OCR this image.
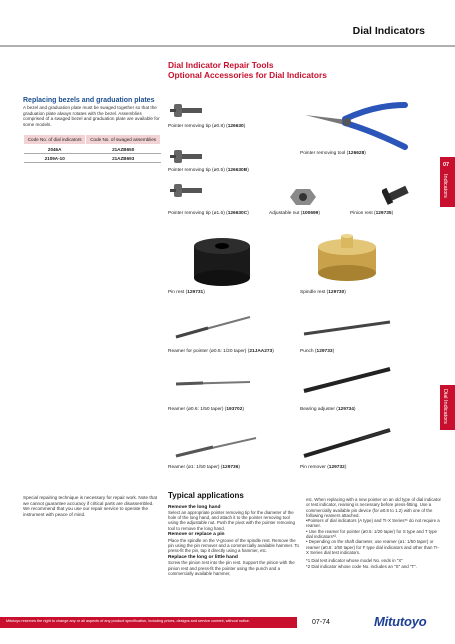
Dial Indicators
Dial Indicator Repair Tools
Optional Accessories for Dial Indicators
07
Indicators
Dial Indicators
Replacing bezels and graduation plates
A bezel and graduation plate must be swaged together so that the graduation plate always rotates with the bezel. Assemblies comprised of a swaged bezel and graduation plate are available for some models.
Code No. of dial indicators	Code No. of swaged assemblies
2046A	21AZB650
2109A-10	21AZB693
Pointer removing tip (ø0.8) (126630)
Pointer removing tool (126628)
Pointer removing tip (ø0.5) (126630B)
Pointer removing tip (ø1.6) (126630C)	Adjustable nut (100699)	Pinion rest (129735)
Pin rest (129731)	Spindle rest (129730)
Reamer for pointer (ø0.5: 1/20 taper) (21JAA273)	Punch (129733)
Reamer (ø0.6: 1/50 taper) (193702)	Bearing adjuster (129734)
Reamer (ø1: 1/50 taper) (129736)	Pin remover (129732)
Special repairing technique is necessary for repair work. Note that we cannot guarantee accuracy if critical parts are disassembled.
We recommend that you use our repair service to operate the instrument with peace of mind.
Typical applications
Remove the long hand
Select an appropriate pointer removing tip for the diameter of the hole of the long hand, and attach it to the pointer removing tool using the adjustable nut. Push the pivot with the pointer removing tool to remove the long hand.
Remove or replace a pin
Place the spindle on the V-groove of the spindle rest. Remove the pin using the pin remover and a commercially available hammer. To press-fit the pin, tap it directly using a hammer, etc.
Replace the long or little hand
Screw the pinion rest into the pin rest. Support the pinion with the pinion rest and press-fit the pointer using the punch and a commercially available hammer,
etc. When replacing with a new pointer on an old type of dial indicator or test indicator, reaming is necessary before press-fitting. Use a commercially available pin device (for ø0.8 to 1.2) with one of the following reamers attached.
•Pointers of dial indicators (A type) and TI-X Series*¹ do not require a reamer.
• Use the reamer for pointer (ø0.5: 1/20 taper) for S type and T type dial indicators*².
• Depending on the shaft diameter, use reamer (ø1: 1/50 taper) or reamer (ø0.6: 1/50 taper) for F type dial indicators and other than TI-X Series dial test indicators.
*1 Dial test indicator whose model No. ends in "X"
*2 Dial indicator whose code No. includes an "S" and "T".
Mitutoyo reserves the right to change any or all aspects of any product specification, including prices, designs and service content, without notice.	07-74	Mitutoyo
